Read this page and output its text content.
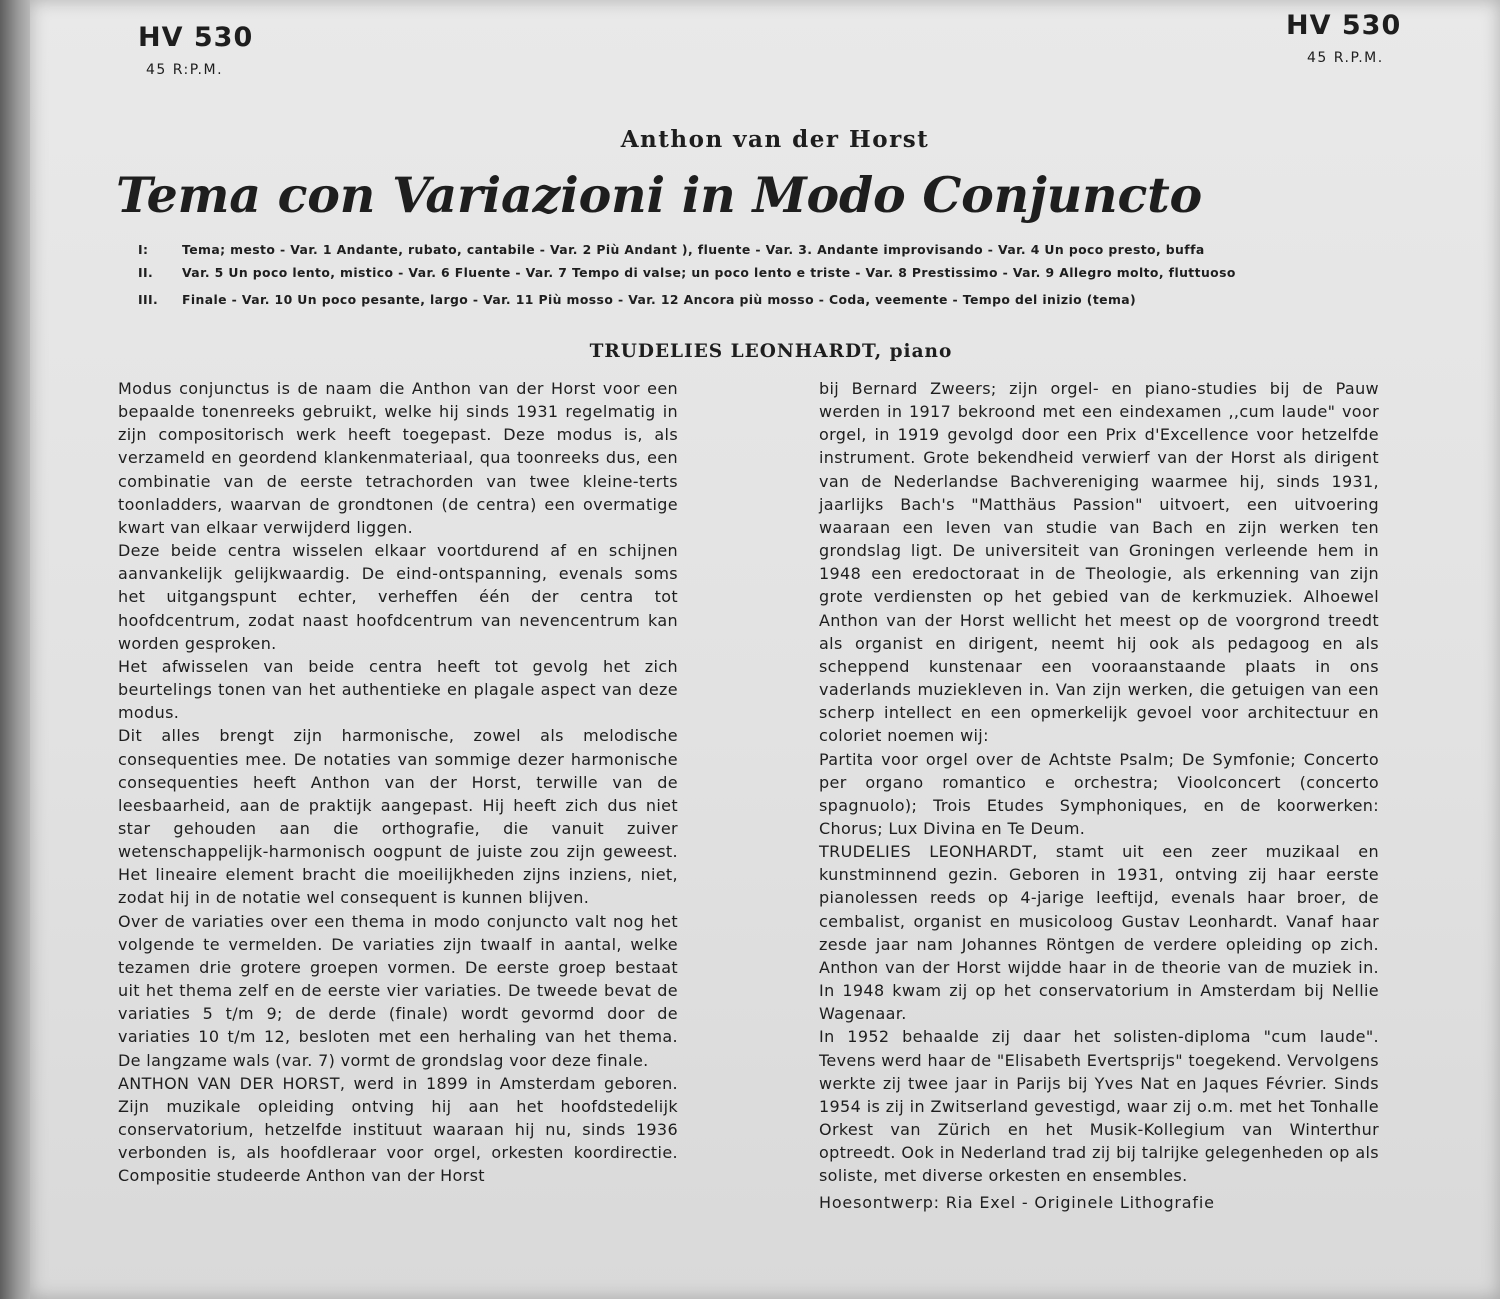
HV 530
45 R:P.M.
HV 530
45 R.P.M.
Anthon van der Horst
Tema con Variazioni in Modo Conjuncto
I:	Tema; mesto - Var. 1 Andante, rubato, cantabile - Var. 2 Più Andant ), fluente - Var. 3. Andante improvisando - Var. 4 Un poco presto, buffa
II.	Var. 5 Un poco lento, mistico - Var. 6 Fluente - Var. 7 Tempo di valse; un poco lento e triste - Var. 8 Prestissimo - Var. 9 Allegro molto, fluttuoso
III.	Finale - Var. 10 Un poco pesante, largo - Var. 11 Più mosso - Var. 12 Ancora più mosso - Coda, veemente - Tempo del inizio (tema)
TRUDELIES LEONHARDT, piano

Modus conjunctus is de naam die Anthon van der Horst voor een bepaalde tonenreeks gebruikt, welke hij sinds 1931 regelmatig in zijn compositorisch werk heeft toegepast. Deze modus is, als verzameld en geordend klankenmateriaal, qua toonreeks dus, een combinatie van de eerste tetrachorden van twee kleine-terts toonladders, waarvan de grondtonen (de centra) een overmatige kwart van elkaar verwijderd liggen.

Deze beide centra wisselen elkaar voortdurend af en schijnen aanvankelijk gelijkwaardig. De eind-ontspanning, evenals soms het uitgangspunt echter, verheffen één der centra tot hoofdcentrum, zodat naast hoofdcentrum van nevencentrum kan worden gesproken.

Het afwisselen van beide centra heeft tot gevolg het zich beurtelings tonen van het authentieke en plagale aspect van deze modus.

Dit alles brengt zijn harmonische, zowel als melodische consequenties mee. De notaties van sommige dezer harmonische consequenties heeft Anthon van der Horst, terwille van de leesbaarheid, aan de praktijk aangepast. Hij heeft zich dus niet star gehouden aan die orthografie, die vanuit zuiver wetenschappelijk-harmonisch oogpunt de juiste zou zijn geweest. Het lineaire element bracht die moeilijkheden zijns inziens, niet, zodat hij in de notatie wel consequent is kunnen blijven.

Over de variaties over een thema in modo conjuncto valt nog het volgende te vermelden. De variaties zijn twaalf in aantal, welke tezamen drie grotere groepen vormen. De eerste groep bestaat uit het thema zelf en de eerste vier variaties. De tweede bevat de variaties 5 t/m 9; de derde (finale) wordt gevormd door de variaties 10 t/m 12, besloten met een herhaling van het thema. De langzame wals (var. 7) vormt de grondslag voor deze finale.

ANTHON VAN DER HORST, werd in 1899 in Amsterdam geboren. Zijn muzikale opleiding ontving hij aan het hoofdstedelijk conservatorium, hetzelfde instituut waaraan hij nu, sinds 1936 verbonden is, als hoofdleraar voor orgel, orkesten koordirectie. Compositie studeerde Anthon van der Horst

bij Bernard Zweers; zijn orgel- en piano-studies bij de Pauw werden in 1917 bekroond met een eindexamen ,,cum laude" voor orgel, in 1919 gevolgd door een Prix d'Excellence voor hetzelfde instrument. Grote bekendheid verwierf van der Horst als dirigent van de Nederlandse Bachvereniging waarmee hij, sinds 1931, jaarlijks Bach's "Matthäus Passion" uitvoert, een uitvoering waaraan een leven van studie van Bach en zijn werken ten grondslag ligt. De universiteit van Groningen verleende hem in 1948 een eredoctoraat in de Theologie, als erkenning van zijn grote verdiensten op het gebied van de kerkmuziek. Alhoewel Anthon van der Horst wellicht het meest op de voorgrond treedt als organist en dirigent, neemt hij ook als pedagoog en als scheppend kunstenaar een vooraanstaande plaats in ons vaderlands muziekleven in. Van zijn werken, die getuigen van een scherp intellect en een opmerkelijk gevoel voor architectuur en coloriet noemen wij:

Partita voor orgel over de Achtste Psalm; De Symfonie; Concerto per organo romantico e orchestra; Vioolconcert (concerto spagnuolo); Trois Etudes Symphoniques, en de koorwerken: Chorus; Lux Divina en Te Deum.

TRUDELIES LEONHARDT, stamt uit een zeer muzikaal en kunstminnend gezin. Geboren in 1931, ontving zij haar eerste pianolessen reeds op 4-jarige leeftijd, evenals haar broer, de cembalist, organist en musicoloog Gustav Leonhardt. Vanaf haar zesde jaar nam Johannes Röntgen de verdere opleiding op zich. Anthon van der Horst wijdde haar in de theorie van de muziek in. In 1948 kwam zij op het conservatorium in Amsterdam bij Nellie Wagenaar.

In 1952 behaalde zij daar het solisten-diploma "cum laude". Tevens werd haar de "Elisabeth Evertsprijs" toegekend. Vervolgens werkte zij twee jaar in Parijs bij Yves Nat en Jaques Février. Sinds 1954 is zij in Zwitserland gevestigd, waar zij o.m. met het Tonhalle Orkest van Zürich en het Musik-Kollegium van Winterthur optreedt. Ook in Nederland trad zij bij talrijke gelegenheden op als soliste, met diverse orkesten en ensembles.

Hoesontwerp: Ria Exel - Originele Lithografie
